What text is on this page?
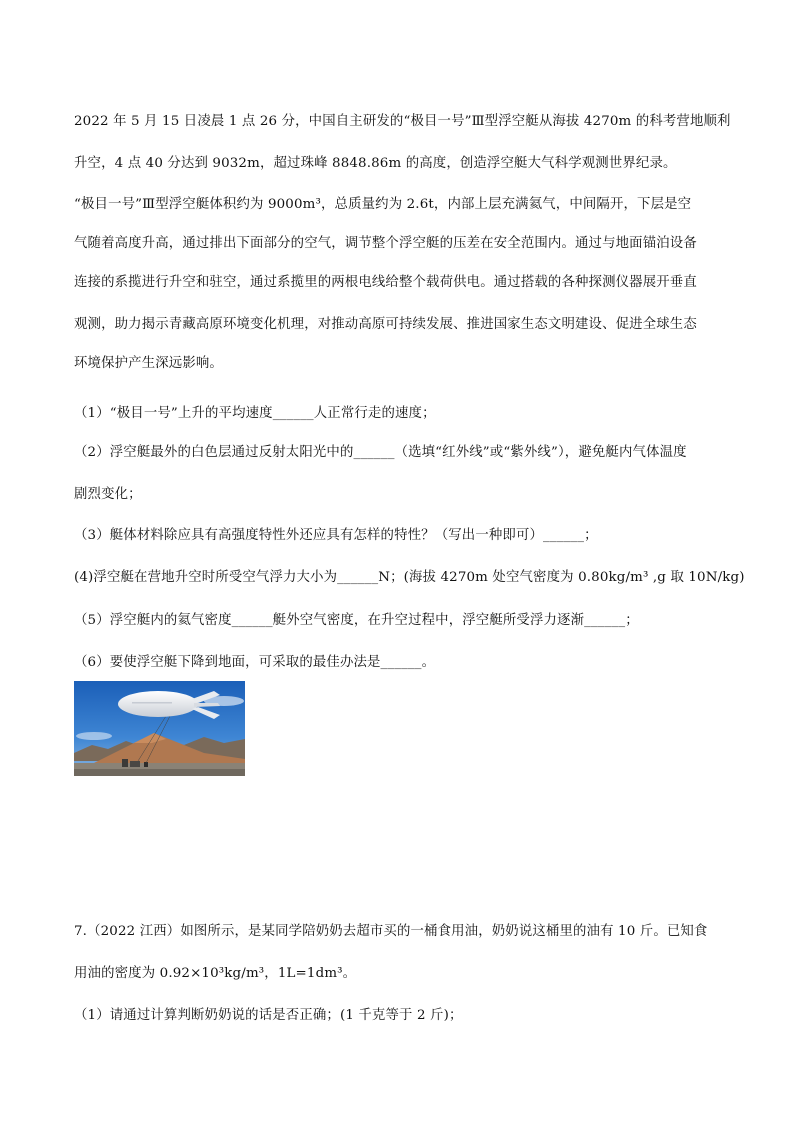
2022 年 5 月 15 日凌晨 1 点 26 分，中国自主研发的“极目一号”Ⅲ型浮空艇从海拔 4270m 的科考营地顺利
升空，4 点 40 分达到 9032m，超过珠峰 8848.86m 的高度，创造浮空艇大气科学观测世界纪录。
“极目一号”Ⅲ型浮空艇体积约为 9000m³，总质量约为 2.6t，内部上层充满氦气，中间隔开，下层是空
气随着高度升高，通过排出下面部分的空气，调节整个浮空艇的压差在安全范围内。通过与地面锚泊设备
连接的系揽进行升空和驻空，通过系揽里的两根电线给整个载荷供电。通过搭载的各种探测仪器展开垂直
观测，助力揭示青藏高原环境变化机理，对推动高原可持续发展、推进国家生态文明建设、促进全球生态
环境保护产生深远影响。
（1）“极目一号”上升的平均速度______人正常行走的速度；
（2）浮空艇最外的白色层通过反射太阳光中的______（选填“红外线”或“紫外线”），避免艇内气体温度
剧烈变化；
（3）艇体材料除应具有高强度特性外还应具有怎样的特性？（写出一种即可）______；
(4)浮空艇在营地升空时所受空气浮力大小为______N；(海拔 4270m 处空气密度为 0.80kg/m³ ,g 取 10N/kg)
（5）浮空艇内的氦气密度______艇外空气密度，在升空过程中，浮空艇所受浮力逐渐______；
（6）要使浮空艇下降到地面，可采取的最佳办法是______。
7.（2022 江西）如图所示，是某同学陪奶奶去超市买的一桶食用油，奶奶说这桶里的油有 10 斤。已知食
用油的密度为 0.92×10³kg/m³，1L=1dm³。
（1）请通过计算判断奶奶说的话是否正确；(1 千克等于 2 斤)；
